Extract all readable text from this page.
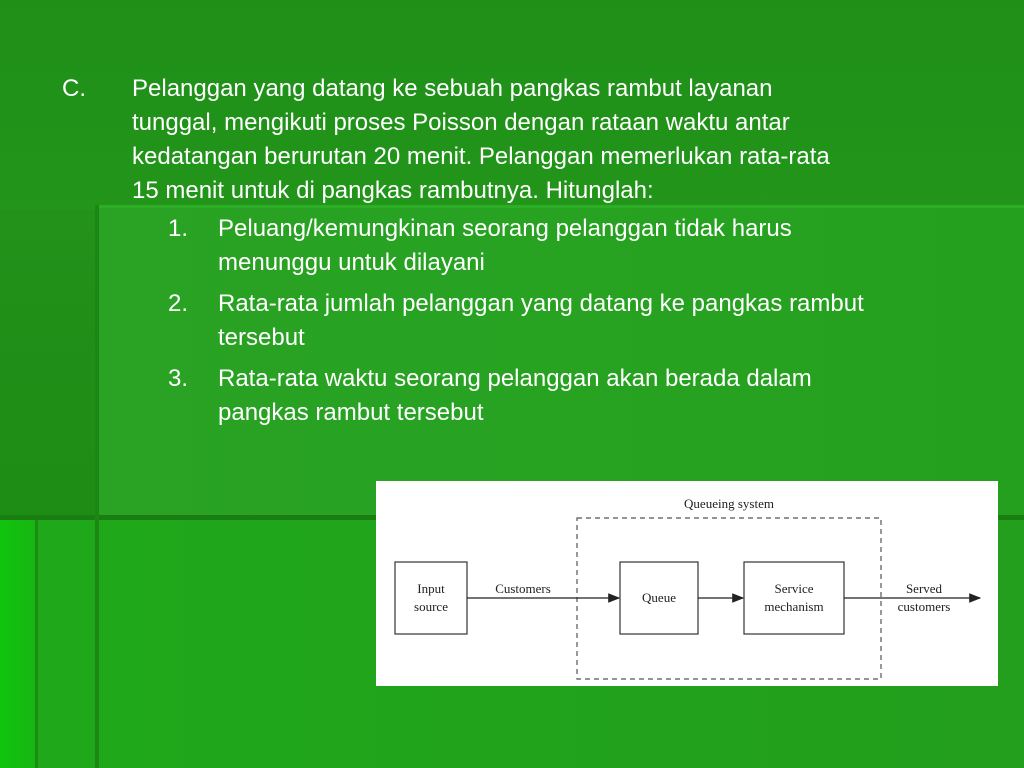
C. Pelanggan yang datang ke sebuah pangkas rambut layanan
tunggal, mengikuti proses Poisson dengan rataan waktu antar
kedatangan berurutan 20 menit. Pelanggan memerlukan rata-rata
15 menit untuk di pangkas rambutnya. Hitunglah:
1. Peluang/kemungkinan seorang pelanggan tidak harus
menunggu untuk dilayani
2. Rata-rata jumlah pelanggan yang datang ke pangkas rambut
tersebut
3. Rata-rata waktu seorang pelanggan akan berada dalam
pangkas rambut tersebut
Queueing system
Input
source
Customers
Queue
Service
mechanism
Served
customers
